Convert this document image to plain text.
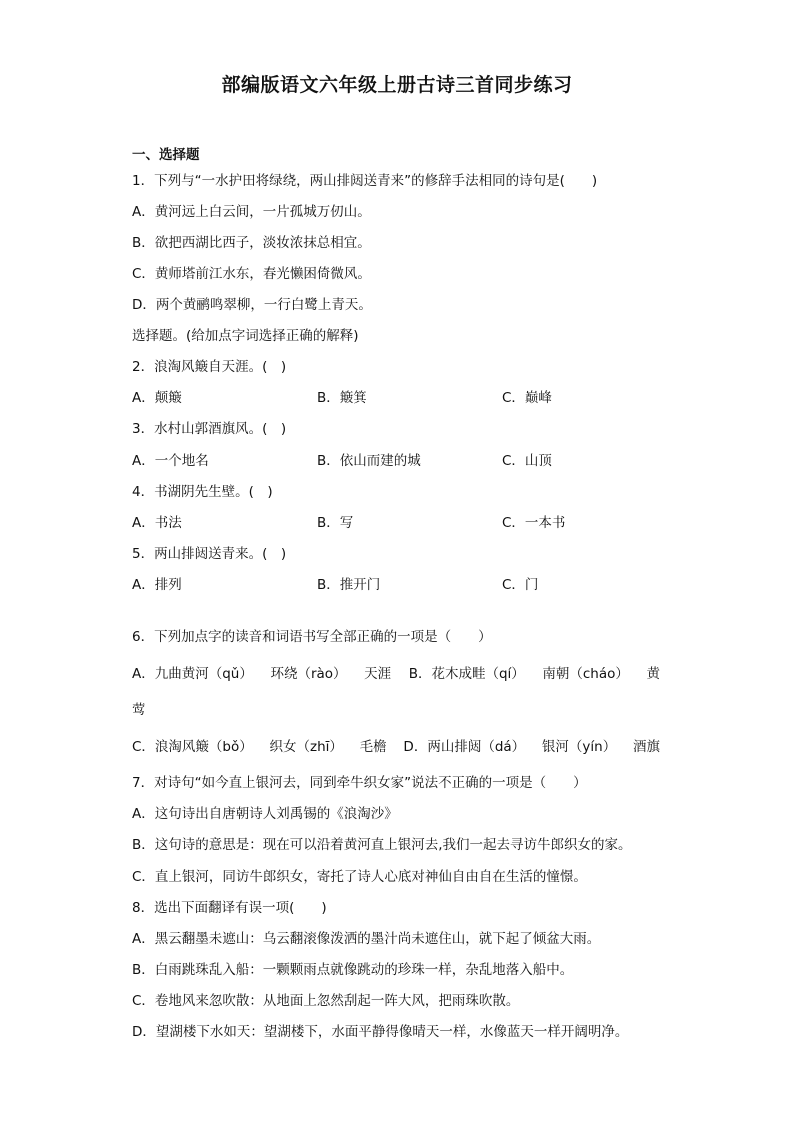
部编版语文六年级上册古诗三首同步练习
一、选择题
1．下列与“一水护田将绿绕，两山排闼送青来”的修辞手法相同的诗句是(　　)
A．黄河远上白云间，一片孤城万仞山。
B．欲把西湖比西子，淡妆浓抹总相宜。
C．黄师塔前江水东，春光懒困倚微风。
D．两个黄鹂鸣翠柳，一行白鹭上青天。
选择题。(给加点字词选择正确的解释)
2．浪淘风簸自天涯。(　)
A．颠簸	B．簸箕	C．巅峰
3．水村山郭酒旗风。(　)
A．一个地名	B．依山而建的城	C．山顶
4．书湖阴先生壁。(　)
A．书法	B．写	C．一本书
5．两山排闼送青来。(　)
A．排列	B．推开门	C．门
6．下列加点字的读音和词语书写全部正确的一项是（　　）
A．九曲黄河（qǔ） 环绕（rào） 天涯 B．花木成畦（qí） 南朝（cháo） 黄
莺
C．浪淘风簸（bǒ） 织女（zhī） 毛檐 D．两山排闼（dá） 银河（yín） 酒旗
7．对诗句“如今直上银河去，同到牵牛织女家”说法不正确的一项是（　　）
A．这句诗出自唐朝诗人刘禹锡的《浪淘沙》
B．这句诗的意思是：现在可以沿着黄河直上银河去,我们一起去寻访牛郎织女的家。
C．直上银河，同访牛郎织女，寄托了诗人心底对神仙自由自在生活的憧憬。
8．选出下面翻译有误一项(　　)
A．黑云翻墨未遮山：乌云翻滚像泼洒的墨汁尚未遮住山，就下起了倾盆大雨。
B．白雨跳珠乱入船：一颗颗雨点就像跳动的珍珠一样，杂乱地落入船中。
C．卷地风来忽吹散：从地面上忽然刮起一阵大风，把雨珠吹散。
D．望湖楼下水如天：望湖楼下，水面平静得像晴天一样，水像蓝天一样开阔明净。
